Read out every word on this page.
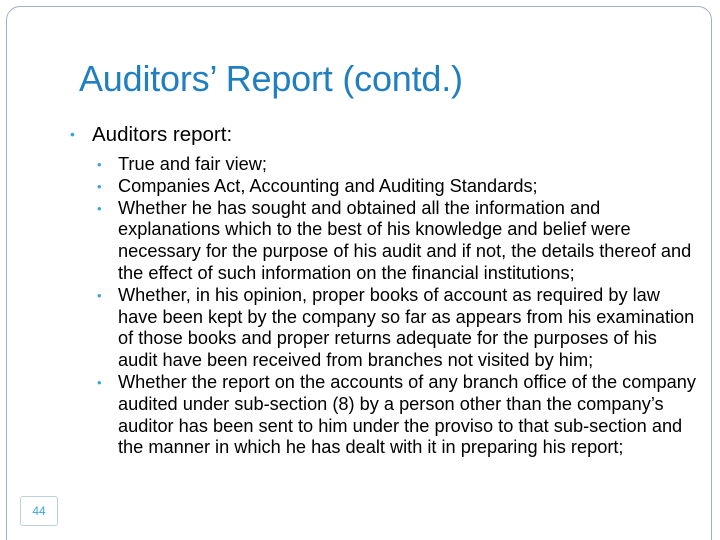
Auditors’ Report (contd.)
• Auditors report:
• True and fair view;
• Companies Act, Accounting and Auditing Standards;
• Whether he has sought and obtained all the information and explanations which to the best of his knowledge and belief were necessary for the purpose of his audit and if not, the details thereof and the effect of such information on the financial institutions;
• Whether, in his opinion, proper books of account as required by law have been kept by the company so far as appears from his examination of those books and proper returns adequate for the purposes of his audit have been received from branches not visited by him;
• Whether the report on the accounts of any branch office of the company audited under sub-section (8) by a person other than the company’s auditor has been sent to him under the proviso to that sub-section and the manner in which he has dealt with it in preparing his report;
44
